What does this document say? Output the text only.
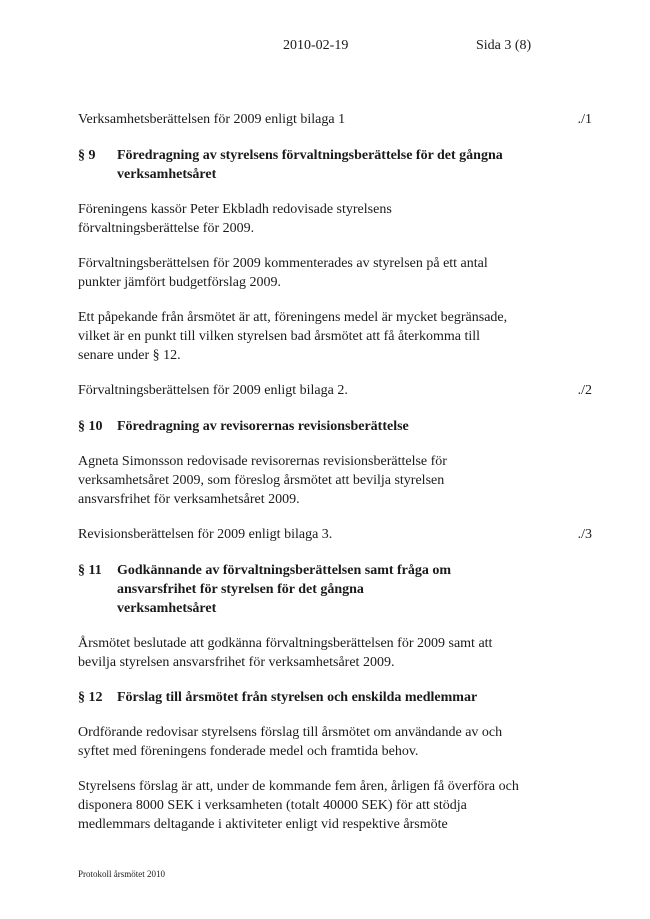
2010-02-19	Sida 3 (8)
Verksamhetsberättelsen för 2009 enligt bilaga 1	./1
§ 9	Föredragning av styrelsens förvaltningsberättelse för det gångna verksamhetsåret

Föreningens kassör Peter Ekbladh redovisade styrelsens förvaltningsberättelse för 2009.

Förvaltningsberättelsen för 2009 kommenterades av styrelsen på ett antal punkter jämfört budgetförslag 2009.

Ett påpekande från årsmötet är att, föreningens medel är mycket begränsade, vilket är en punkt till vilken styrelsen bad årsmötet att få återkomma till senare under § 12.

Förvaltningsberättelsen för 2009 enligt bilaga 2.	./2
§ 10	Föredragning av revisorernas revisionsberättelse

Agneta Simonsson redovisade revisorernas revisionsberättelse för verksamhetsåret 2009, som föreslog årsmötet att bevilja styrelsen ansvarsfrihet för verksamhetsåret 2009.

Revisionsberättelsen för 2009 enligt bilaga 3.	./3
§ 11	Godkännande av förvaltningsberättelsen samt fråga om ansvarsfrihet för styrelsen för det gångna verksamhetsåret

Årsmötet beslutade att godkänna förvaltningsberättelsen för 2009 samt att bevilja styrelsen ansvarsfrihet för verksamhetsåret 2009.

§ 12	Förslag till årsmötet från styrelsen och enskilda medlemmar

Ordförande redovisar styrelsens förslag till årsmötet om användande av och syftet med föreningens fonderade medel och framtida behov.

Styrelsens förslag är att, under de kommande fem åren, årligen få överföra och disponera 8000 SEK i verksamheten (totalt 40000 SEK) för att stödja medlemmars deltagande i aktiviteter enligt vid respektive årsmöte

Protokoll årsmötet 2010
